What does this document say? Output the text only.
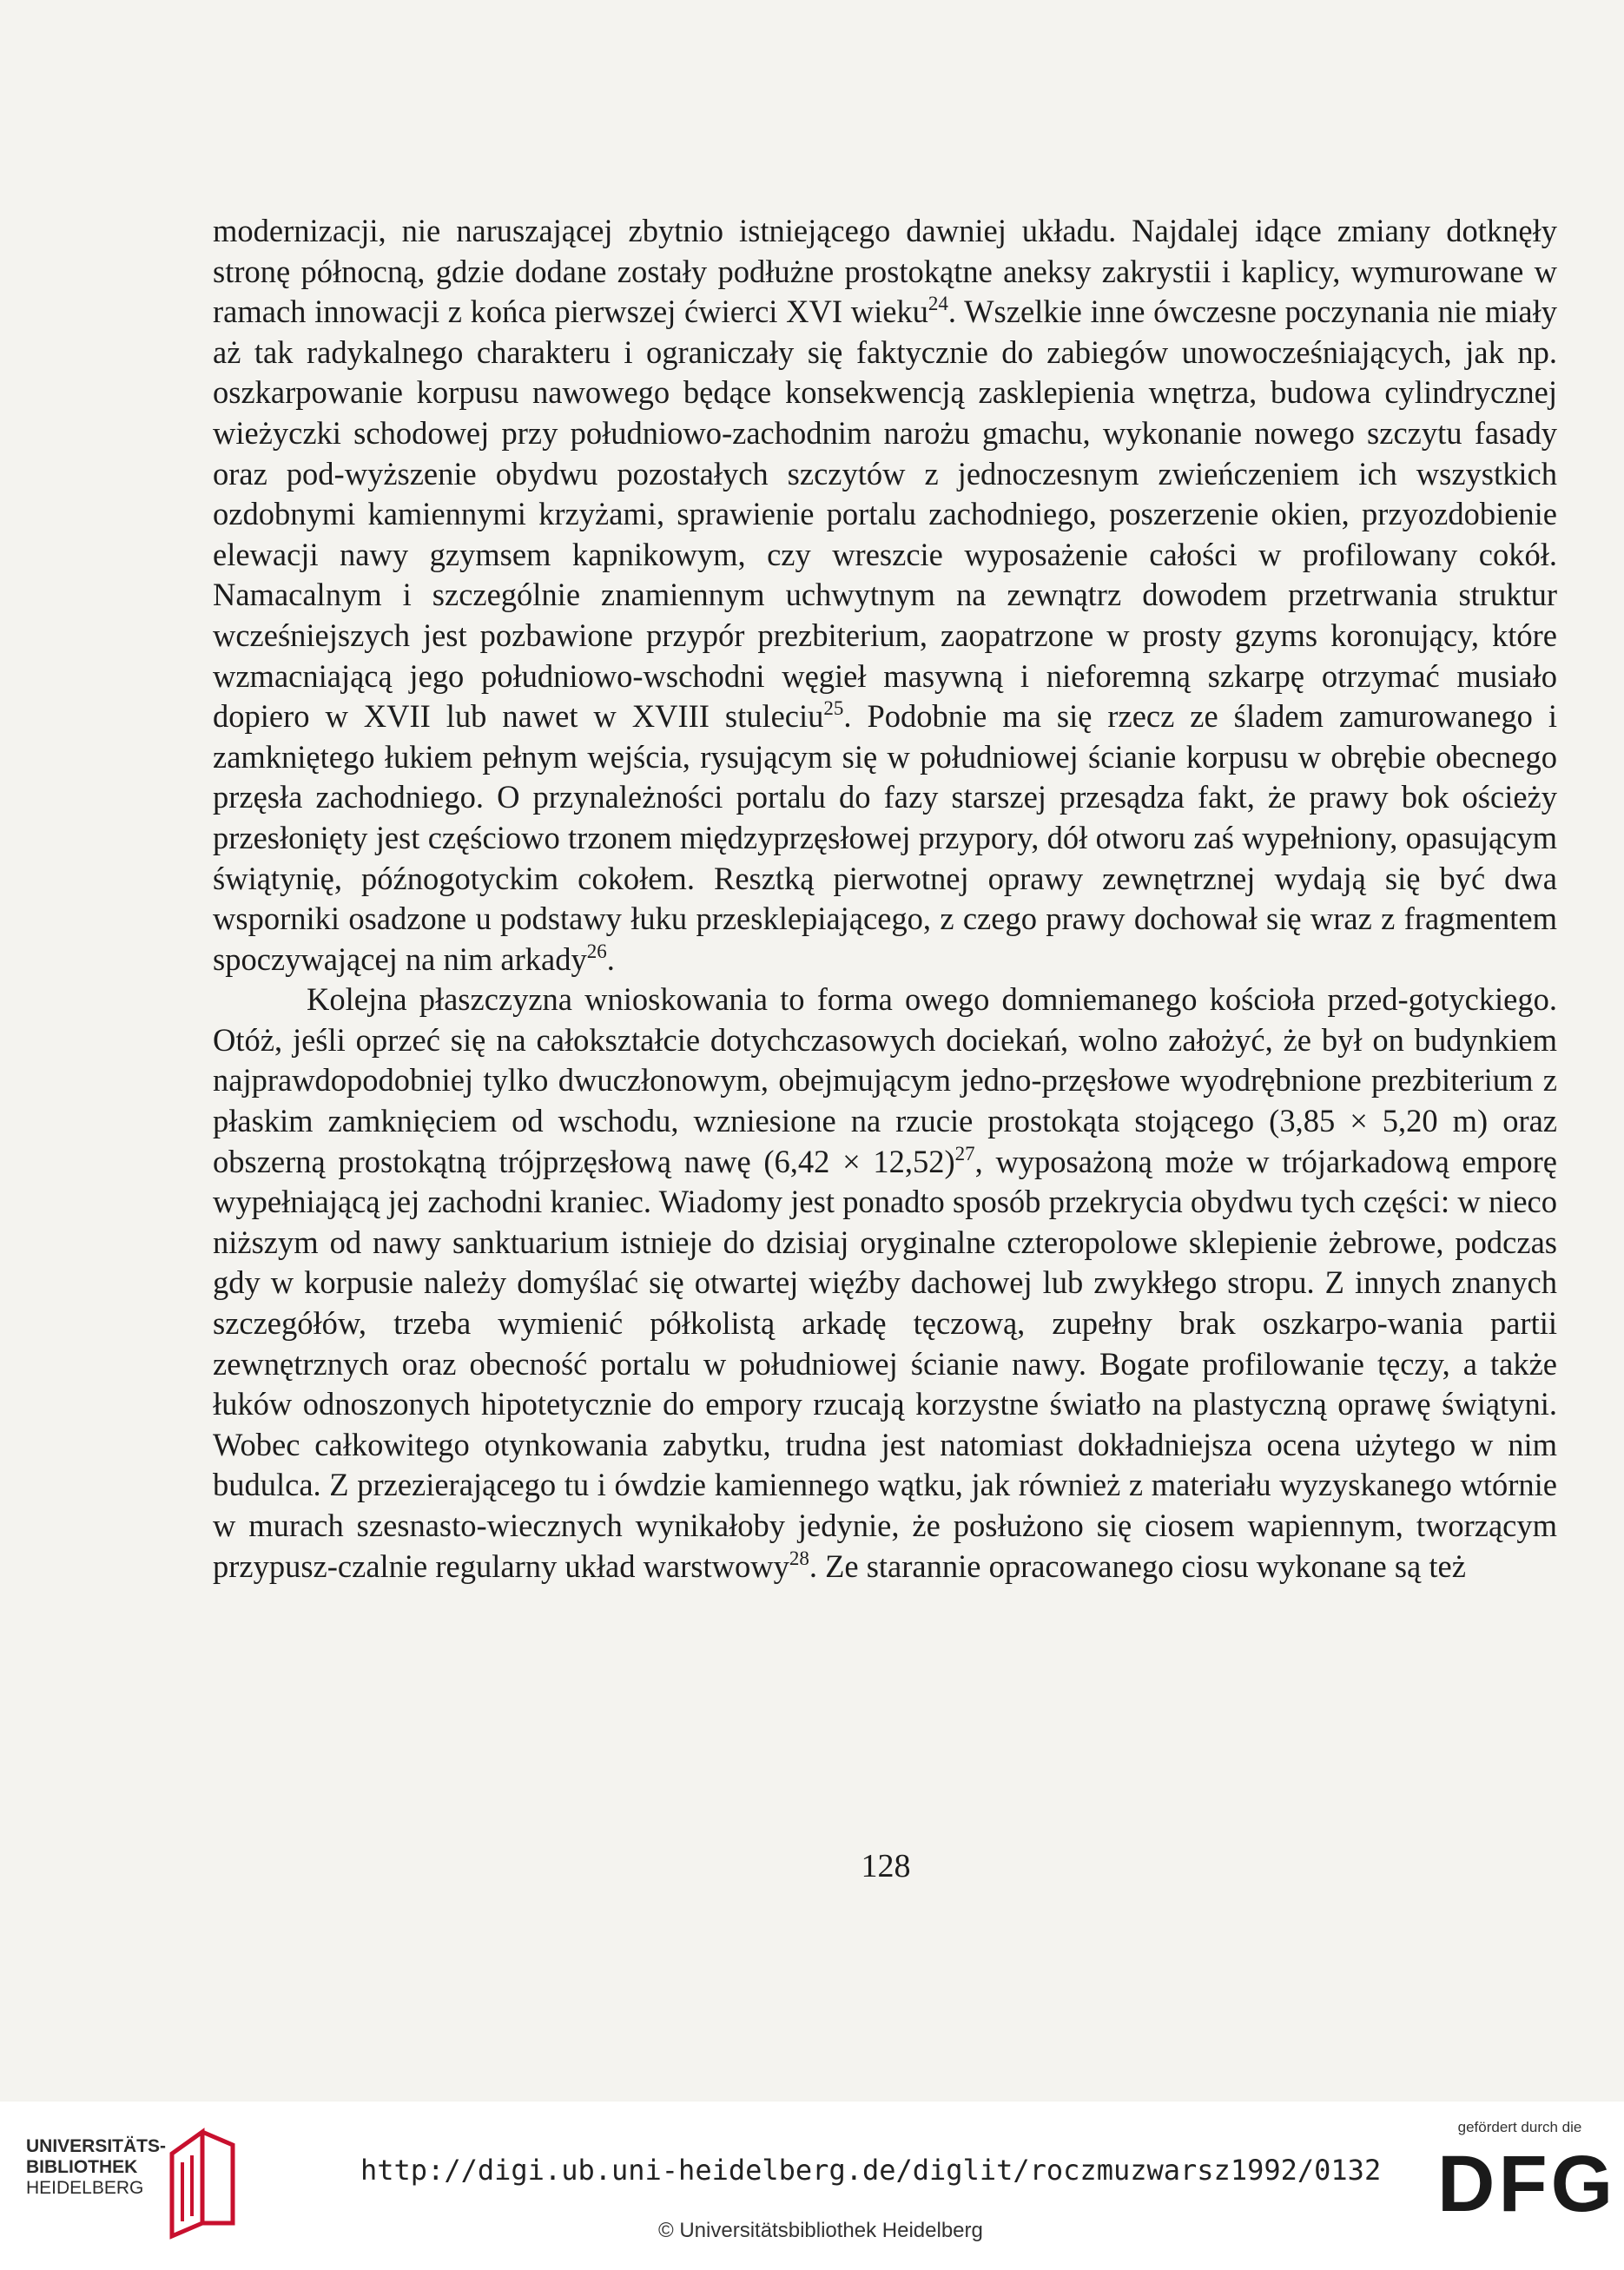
modernizacji, nie naruszającej zbytnio istniejącego dawniej układu. Najdalej idące zmiany dotknęły stronę północną, gdzie dodane zostały podłużne prostokątne aneksy zakrystii i kaplicy, wymurowane w ramach innowacji z końca pierwszej ćwierci XVI wieku$^{24}$. Wszelkie inne ówczesne poczynania nie miały aż tak radykalnego charakteru i ograniczały się faktycznie do zabiegów unowocześniających, jak np. oszkarpowanie korpusu nawowego będące konsekwencją zasklepienia wnętrza, budowa cylindrycznej wieżyczki schodowej przy południowo-zachodnim narożu gmachu, wykonanie nowego szczytu fasady oraz pod-wyższenie obydwu pozostałych szczytów z jednoczesnym zwieńczeniem ich wszystkich ozdobnymi kamiennymi krzyżami, sprawienie portalu zachodniego, poszerzenie okien, przyozdobienie elewacji nawy gzymsem kapnikowym, czy wreszcie wyposażenie całości w profilowany cokół. Namacalnym i szczególnie znamiennym uchwytnym na zewnątrz dowodem przetrwania struktur wcześniejszych jest pozbawione przypór prezbiterium, zaopatrzone w prosty gzyms koronujący, które wzmacniającą jego południowo-wschodni węgieł masywną i nieforemną szkarpę otrzymać musiało dopiero w XVII lub nawet w XVIII stuleciu$^{25}$. Podobnie ma się rzecz ze śladem zamurowanego i zamkniętego łukiem pełnym wejścia, rysującym się w południowej ścianie korpusu w obrębie obecnego przęsła zachodniego. O przynależności portalu do fazy starszej przesądza fakt, że prawy bok ościeży przesłonięty jest częściowo trzonem międzyprzęsłowej przypory, dół otworu zaś wypełniony, opasującym świątynię, późnogotyckim cokołem. Resztką pierwotnej oprawy zewnętrznej wydają się być dwa wsporniki osadzone u podstawy łuku przesklepiającego, z czego prawy dochował się wraz z fragmentem spoczywającej na nim arkady$^{26}$.

Kolejna płaszczyzna wnioskowania to forma owego domniemanego kościoła przed-gotyckiego. Otóż, jeśli oprzeć się na całokształcie dotychczasowych dociekań, wolno założyć, że był on budynkiem najprawdopodobniej tylko dwuczłonowym, obejmującym jedno-przęsłowe wyodrębnione prezbiterium z płaskim zamknięciem od wschodu, wzniesione na rzucie prostokąta stojącego (3,85 × 5,20 m) oraz obszerną prostokątną trójprzęsłową nawę $(6,42 \times 12,52)^{27}$, wyposażoną może w trójarkadową emporę wypełniającą jej zachodni kraniec. Wiadomy jest ponadto sposób przekrycia obydwu tych części: w nieco niższym od nawy sanktuarium istnieje do dzisiaj oryginalne czteropolowe sklepienie żebrowe, podczas gdy w korpusie należy domyślać się otwartej więźby dachowej lub zwykłego stropu. Z innych znanych szczegółów, trzeba wymienić półkolistą arkadę tęczową, zupełny brak oszkarpo-wania partii zewnętrznych oraz obecność portalu w południowej ścianie nawy. Bogate profilowanie tęczy, a także łuków odnoszonych hipotetycznie do empory rzucają korzystne światło na plastyczną oprawę świątyni. Wobec całkowitego otynkowania zabytku, trudna jest natomiast dokładniejsza ocena użytego w nim budulca. Z przezierającego tu i ówdzie kamiennego wątku, jak również z materiału wyzyskanego wtórnie w murach szesnasto-wiecznych wynikałoby jedynie, że posłużono się ciosem wapiennym, tworzącym przypusz-czalnie regularny układ warstwowy$^{28}$. Ze starannie opracowanego ciosu wykonane są też

128
UNIVERSITÄTS-
BIBLIOTHEK
HEIDELBERG
http://digi.ub.uni-heidelberg.de/diglit/roczmuzwarsz1992/0132
© Universitätsbibliothek Heidelberg
gefördert durch die
DFG
